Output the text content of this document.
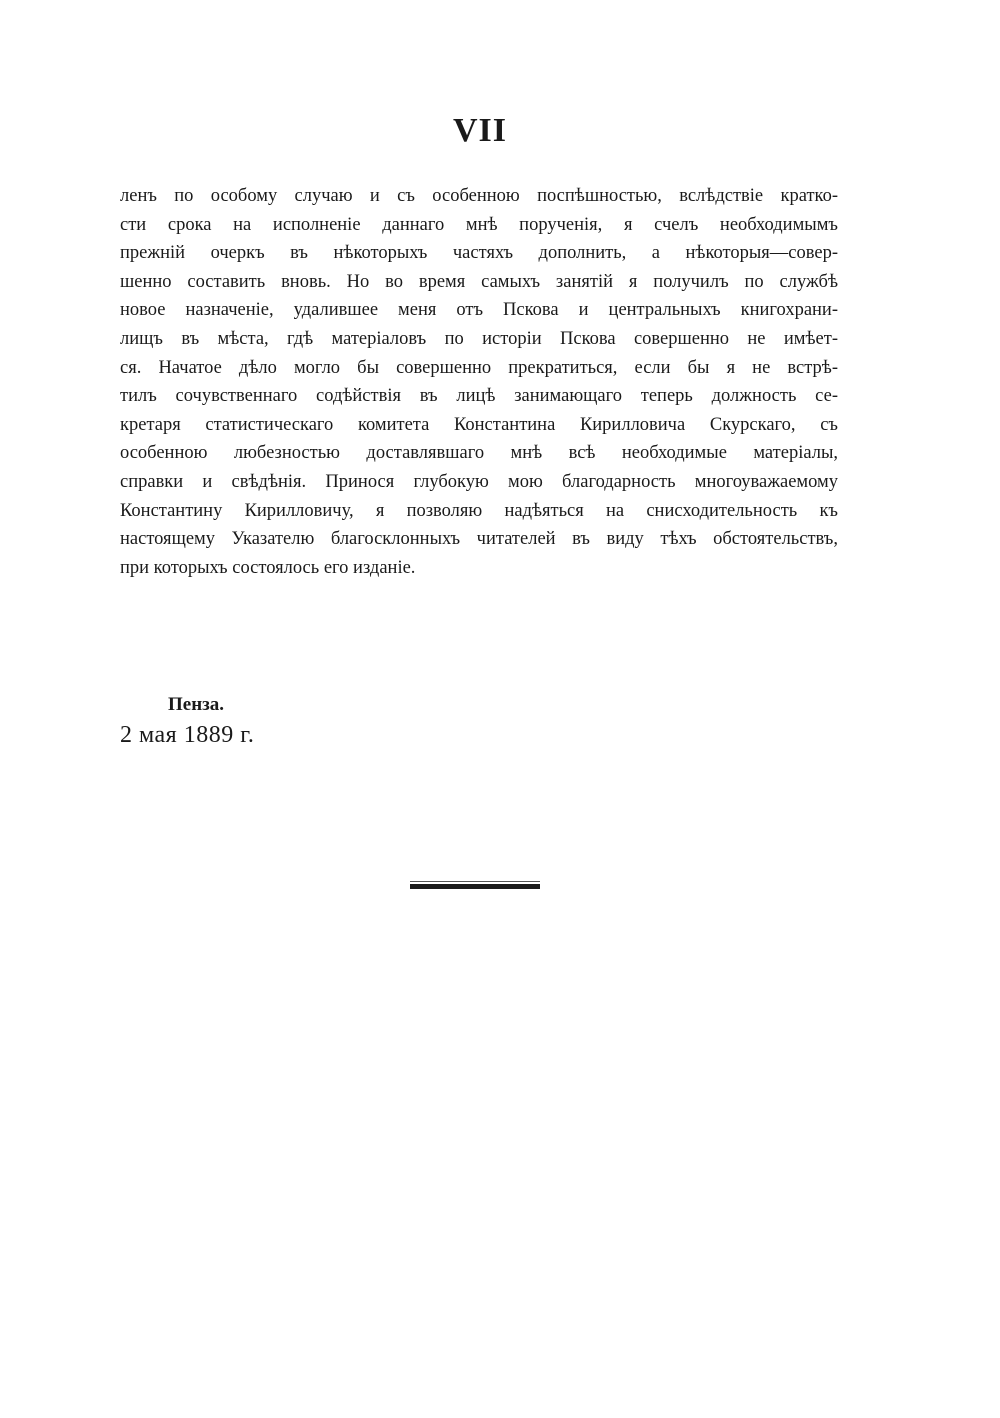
VII
ленъ по особому случаю и съ особенною поспѣшностью, вслѣдствіе кратко-
сти срока на исполненіе даннаго мнѣ порученія, я счелъ необходимымъ
прежній очеркъ въ нѣкоторыхъ частяхъ дополнить, а нѣкоторыя—совер-
шенно составить вновь. Но во время самыхъ занятій я получилъ по службѣ
новое назначеніе, удалившее меня отъ Пскова и центральныхъ книгохрани-
лищъ въ мѣста, гдѣ матеріаловъ по исторіи Пскова совершенно не имѣет-
ся. Начатое дѣло могло бы совершенно прекратиться, если бы я не встрѣ-
тилъ сочувственнаго содѣйствія въ лицѣ занимающаго теперь должность се-
кретаря статистическаго комитета Константина Кирилловича Скурскаго, съ
особенною любезностью доставлявшаго мнѣ всѣ необходимые матеріалы,
справки и свѣдѣнія. Принося глубокую мою благодарность многоуважаемому
Константину Кирилловичу, я позволяю надѣяться на снисходительность къ
настоящему Указателю благосклонныхъ читателей въ виду тѣхъ обстоятельствъ,
при которыхъ состоялось его изданіе.
Пенза.
2 мая 1889 г.
